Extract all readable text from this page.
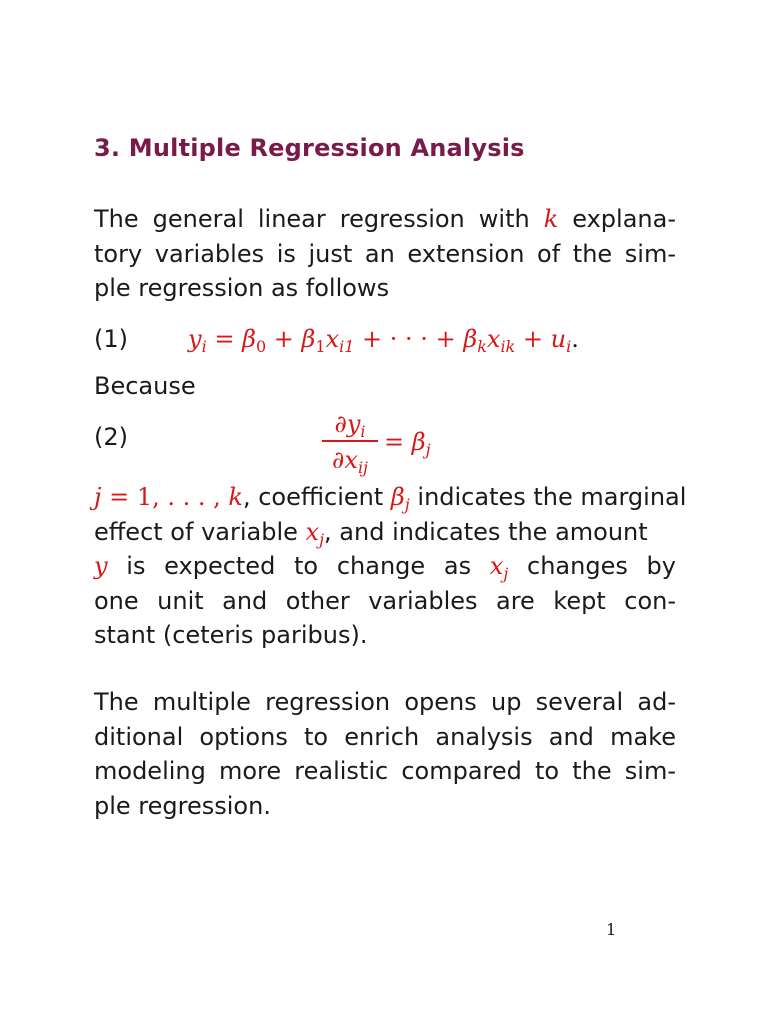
3. Multiple Regression Analysis
The general linear regression with k explana-
tory variables is just an extension of the sim-
ple regression as follows
(1)	$y_i = \beta_0 + \beta_1x_{i1}$ + · · · + $\beta_kx_{ik} + u_i$.
Because
(2)	$\partial y_i$
$\partial x_{ij}$
= $\beta_j$
j = 1, . . . , k, coefficient $\beta_j$ indicates the marginal
effect of variable $x_j$, and indicates the amount
y is expected to change as $x_j$ changes by
one unit and other variables are kept con-
stant (ceteris paribus).
The multiple regression opens up several ad-
ditional options to enrich analysis and make
modeling more realistic compared to the sim-
ple regression.
1
